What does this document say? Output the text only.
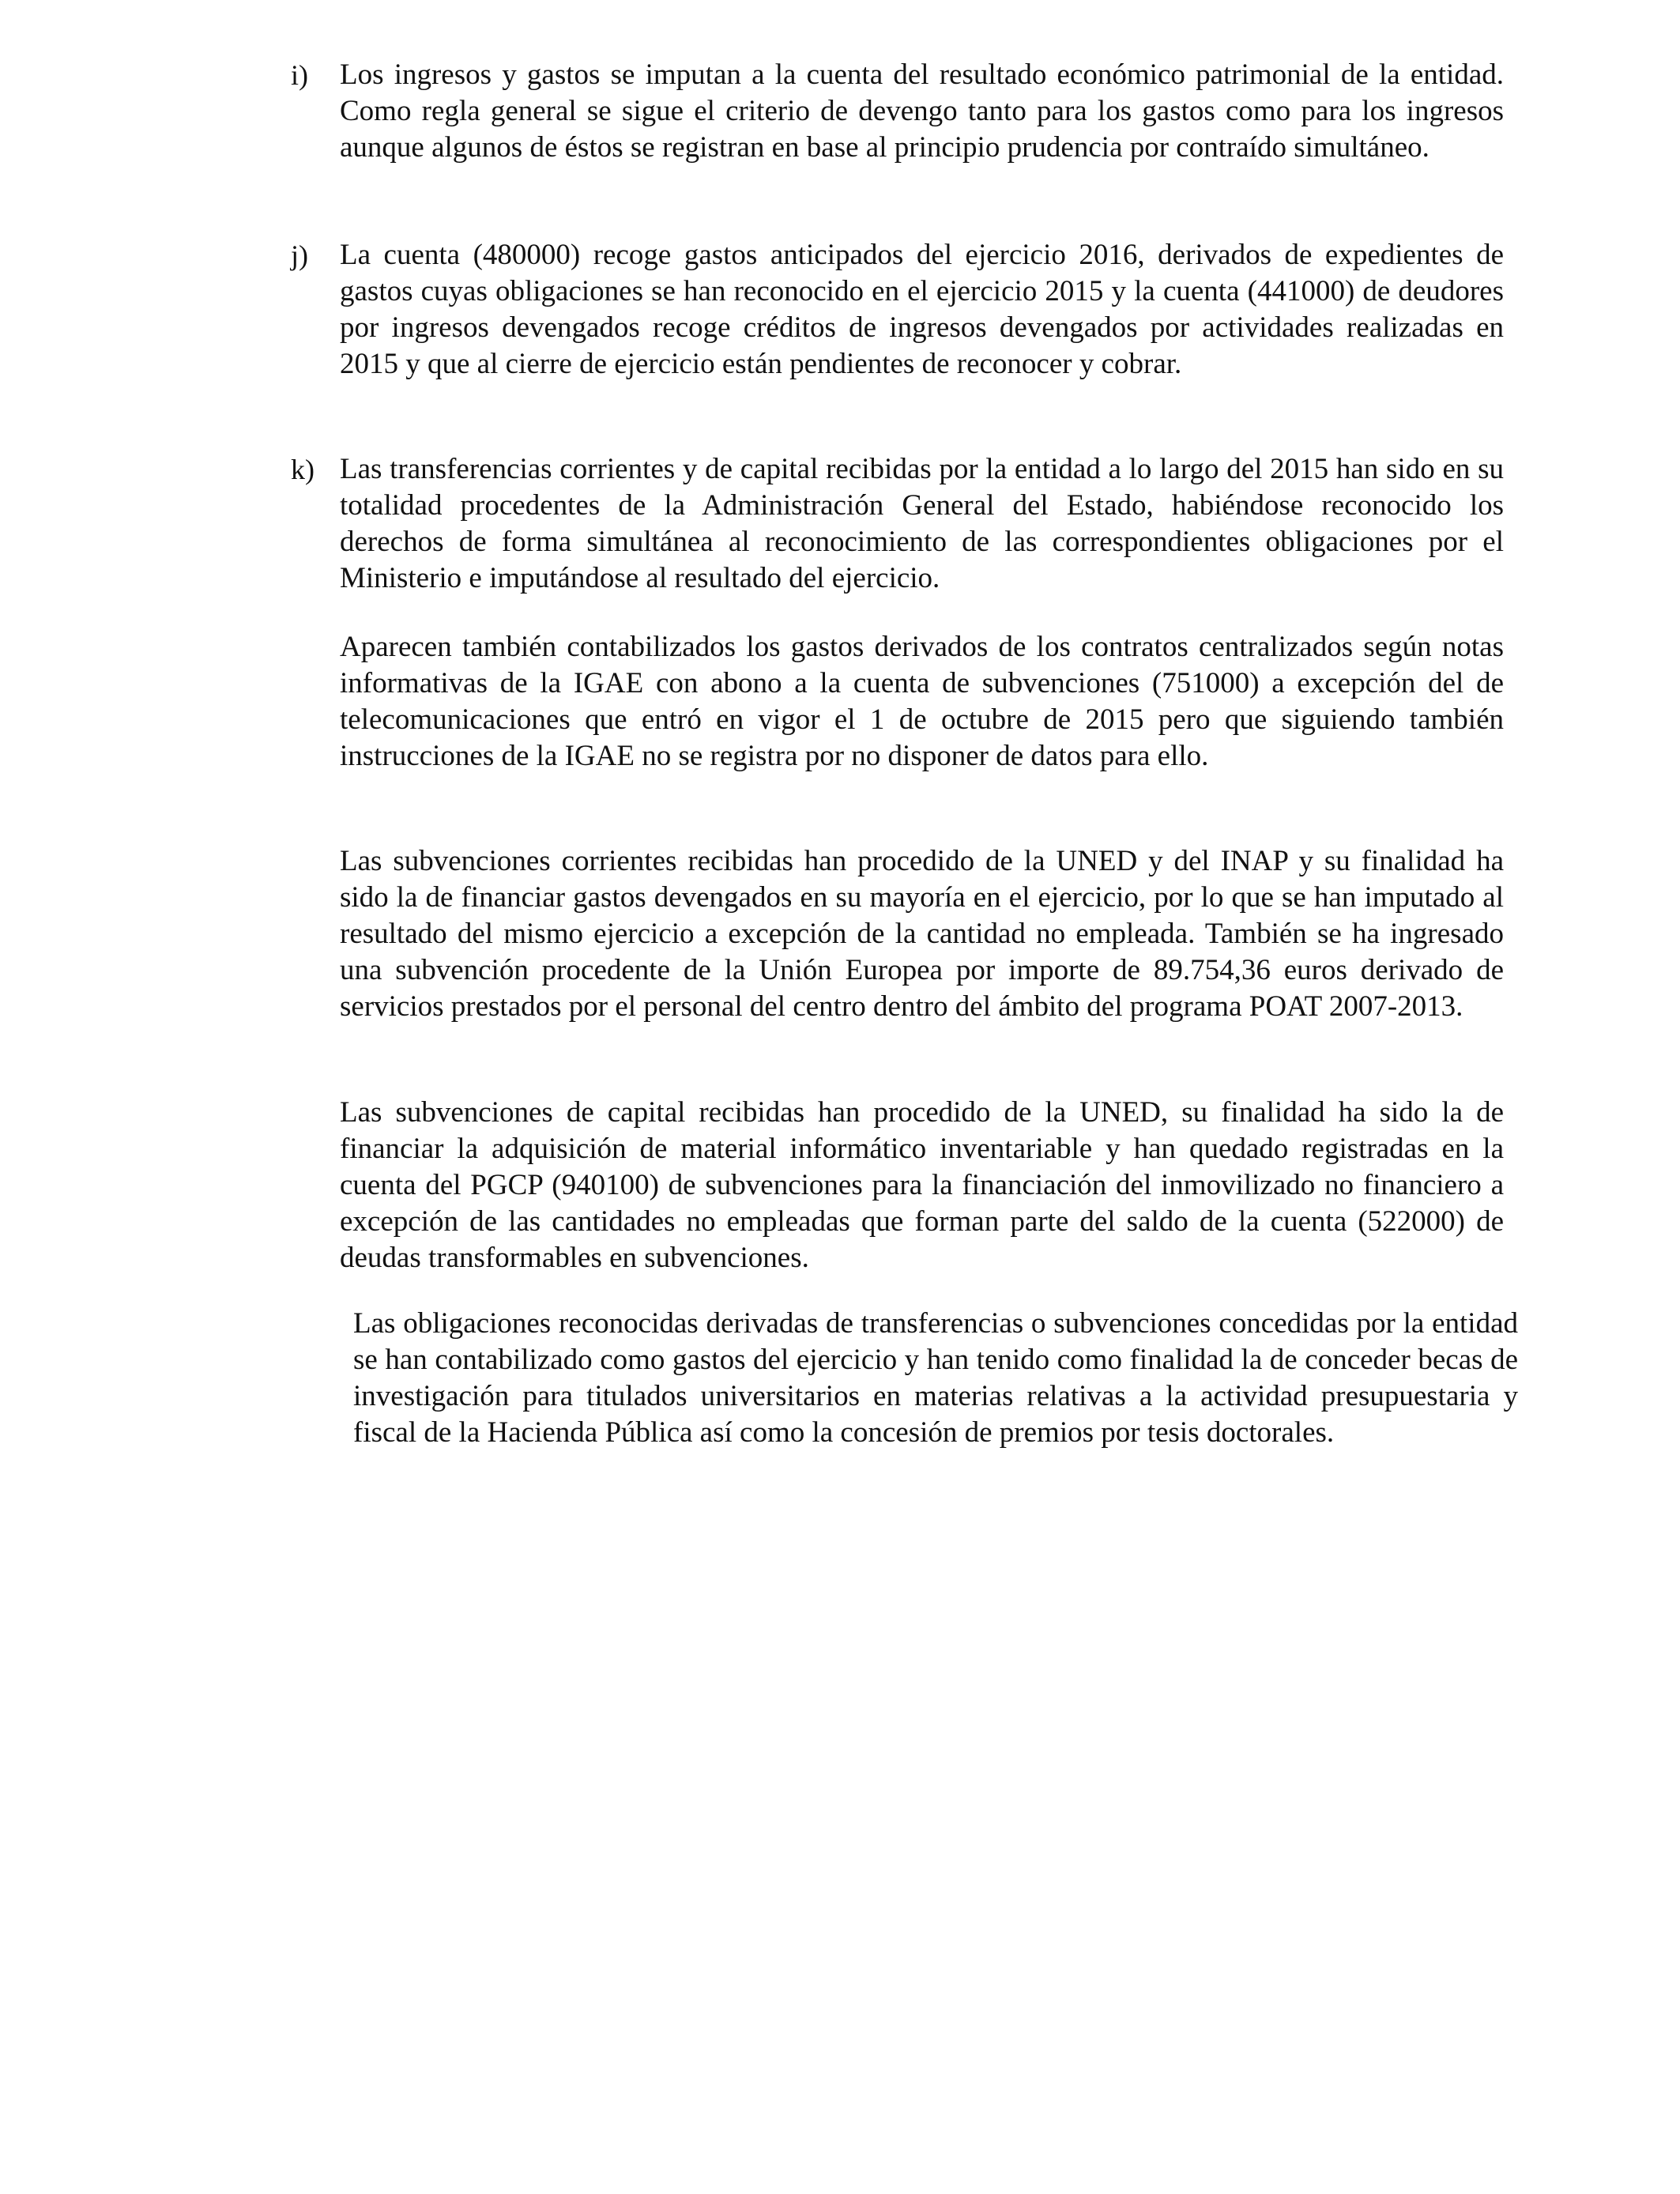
i)	Los ingresos y gastos se imputan a la cuenta del resultado económico patrimonial de la entidad. Como regla general se sigue el criterio de devengo tanto para los gastos como para los ingresos aunque algunos de éstos se registran en base al principio prudencia por contraído simultáneo.
j)	La cuenta (480000) recoge gastos anticipados del ejercicio 2016, derivados de expedientes de gastos cuyas obligaciones se han reconocido en el ejercicio 2015 y la cuenta (441000) de deudores por ingresos devengados recoge créditos de ingresos devengados por actividades realizadas en 2015 y que al cierre de ejercicio están pendientes de reconocer y cobrar.
k) Las transferencias corrientes y de capital recibidas por la entidad a lo largo del 2015 han sido en su totalidad procedentes de la Administración General del Estado, habiéndose reconocido los derechos de forma simultánea al reconocimiento de las correspondientes obligaciones por el Ministerio e imputándose al resultado del ejercicio.
Aparecen también contabilizados los gastos derivados de los contratos centralizados según notas informativas de la IGAE con abono a la cuenta de subvenciones (751000) a excepción del de telecomunicaciones que entró en vigor el 1 de octubre de 2015 pero que siguiendo también instrucciones de la IGAE no se registra por no disponer de datos para ello.
Las subvenciones corrientes recibidas han procedido de la UNED y del INAP y su finalidad ha sido la de financiar gastos devengados en su mayoría en el ejercicio, por lo que se han imputado al resultado del mismo ejercicio a excepción de la cantidad no empleada. También se ha ingresado una subvención procedente de la Unión Europea por importe de 89.754,36 euros derivado de servicios prestados por el personal del centro dentro del ámbito del programa POAT 2007-2013.
Las subvenciones de capital recibidas han procedido de la UNED, su finalidad ha sido la de financiar la adquisición de material informático inventariable y han quedado registradas en la cuenta del PGCP (940100) de subvenciones para la financiación del inmovilizado no financiero a excepción de las cantidades no empleadas que forman parte del saldo de la cuenta (522000) de deudas transformables en subvenciones.
Las obligaciones reconocidas derivadas de transferencias o subvenciones concedidas por la entidad se han contabilizado como gastos del ejercicio y han tenido como finalidad la de conceder becas de investigación para titulados universitarios en materias relativas a la actividad presupuestaria y fiscal de la Hacienda Pública así como la concesión de premios por tesis doctorales.
